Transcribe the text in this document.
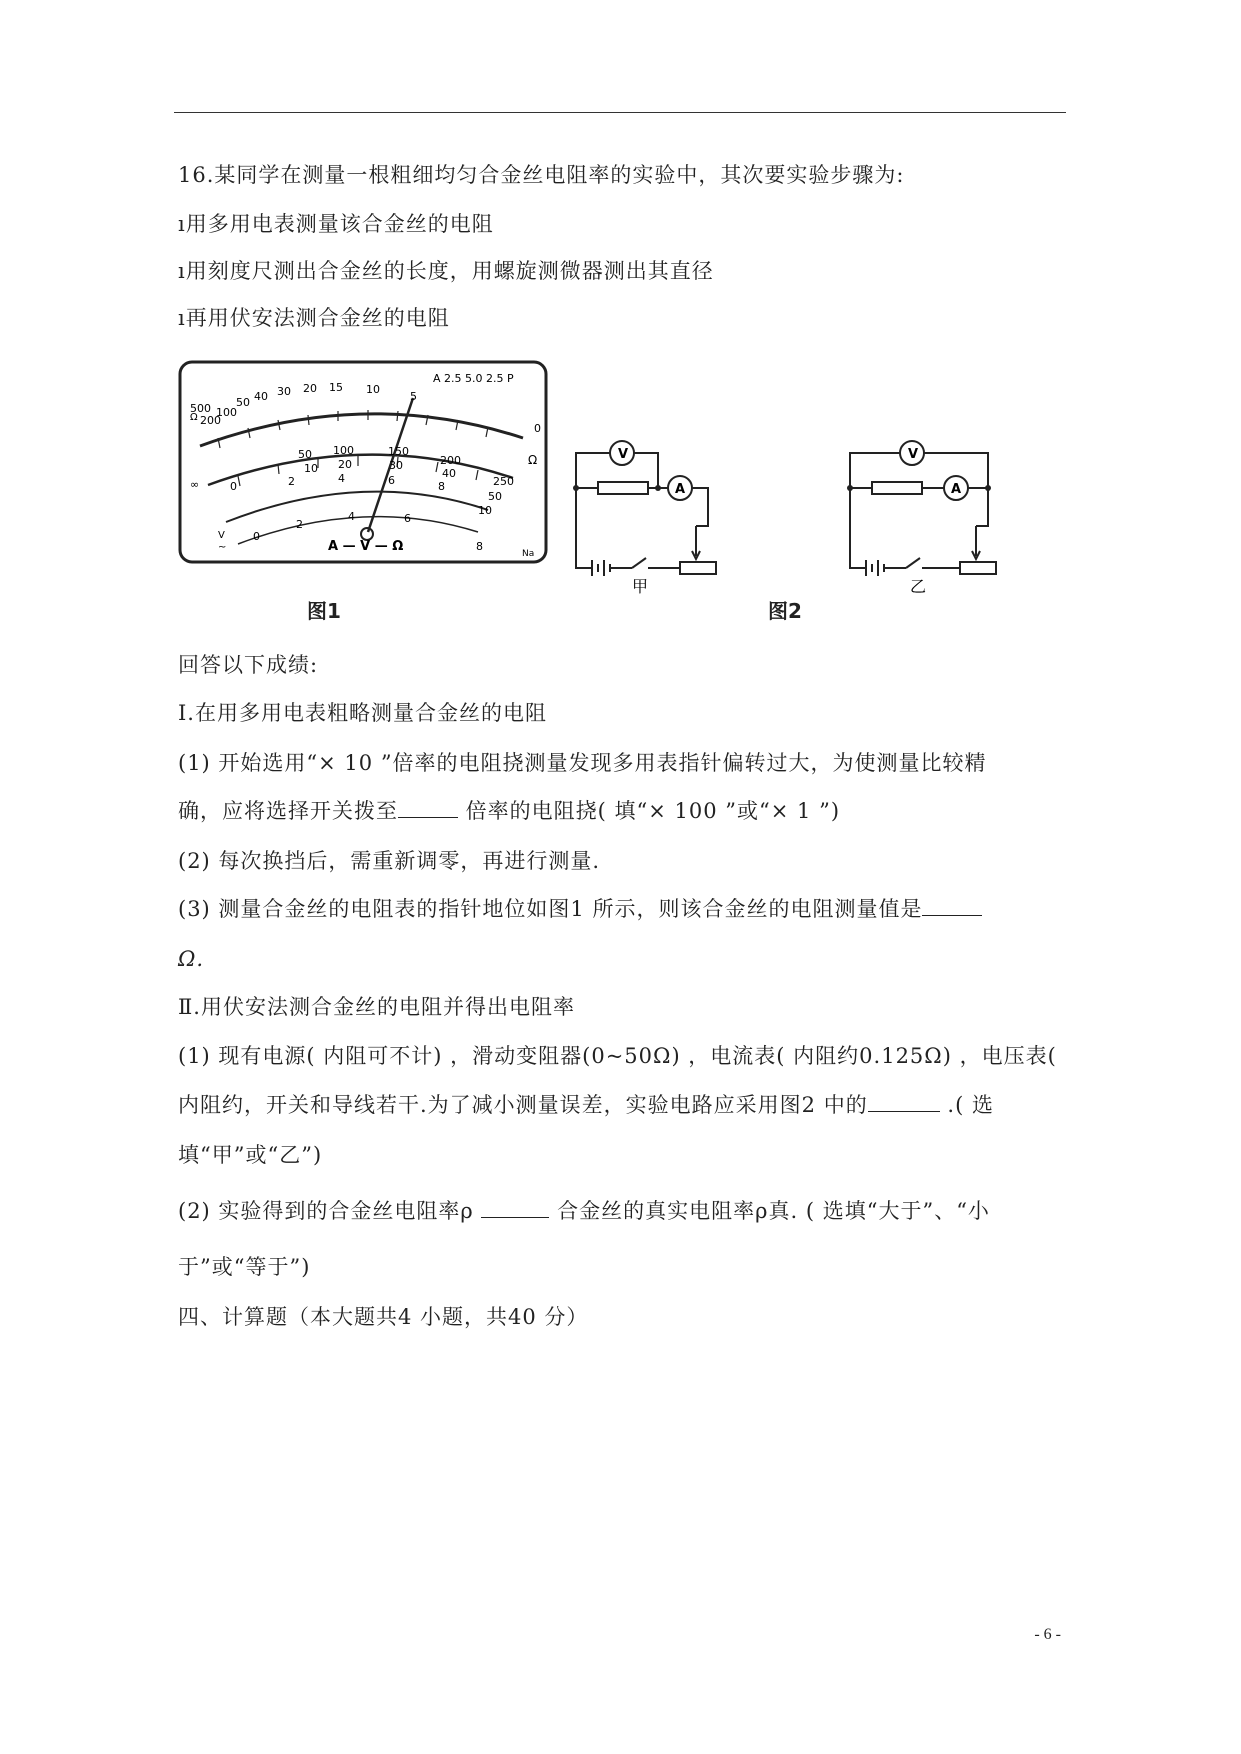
16.某同学在测量一根粗细均匀合金丝电阻率的实验中，其次要实验步骤为:
ı用多用电表测量该合金丝的电阻
ı用刻度尺测出合金丝的长度，用螺旋测微器测出其直径
ı再用伏安法测合金丝的电阻
A 2.5 5.0 2.5 P
500
200
100
50 40 30 20 15 10
5
0
Ω
50 100	150
200
250
10 20	30
40
50
0	2	4	6	8
10
0
2
4	6
8
∞
Ω
V
~	A — V — Ω	Na
图1
V
A
甲
V
A
乙
图2
回答以下成绩:
Ⅰ.在用多用电表粗略测量合金丝的电阻
(1) 开始选用“× 10 ”倍率的电阻挠测量发现多用表指针偏转过大，为使测量比较精
确，应将选择开关拨至	倍率的电阻挠( 填“× 100 ”或“× 1 ”)
(2) 每次换挡后，需重新调零，再进行测量.
(3) 测量合金丝的电阻表的指针地位如图1 所示，则该合金丝的电阻测量值是
Ω.
Ⅱ.用伏安法测合金丝的电阻并得出电阻率
(1) 现有电源( 内阻可不计) ，滑动变阻器(0~50Ω) ，电流表( 内阻约0.125Ω) ，电压表(
内阻约，开关和导线若干.为了减小测量误差，实验电路应采用图2 中的	.( 选
填“甲”或“乙”)
(2) 实验得到的合金丝电阻率ρ	合金丝的真实电阻率ρ真. ( 选填“大于”、“小
于”或“等于”)
四、计算题（本大题共4 小题，共40 分）
- 6 -
